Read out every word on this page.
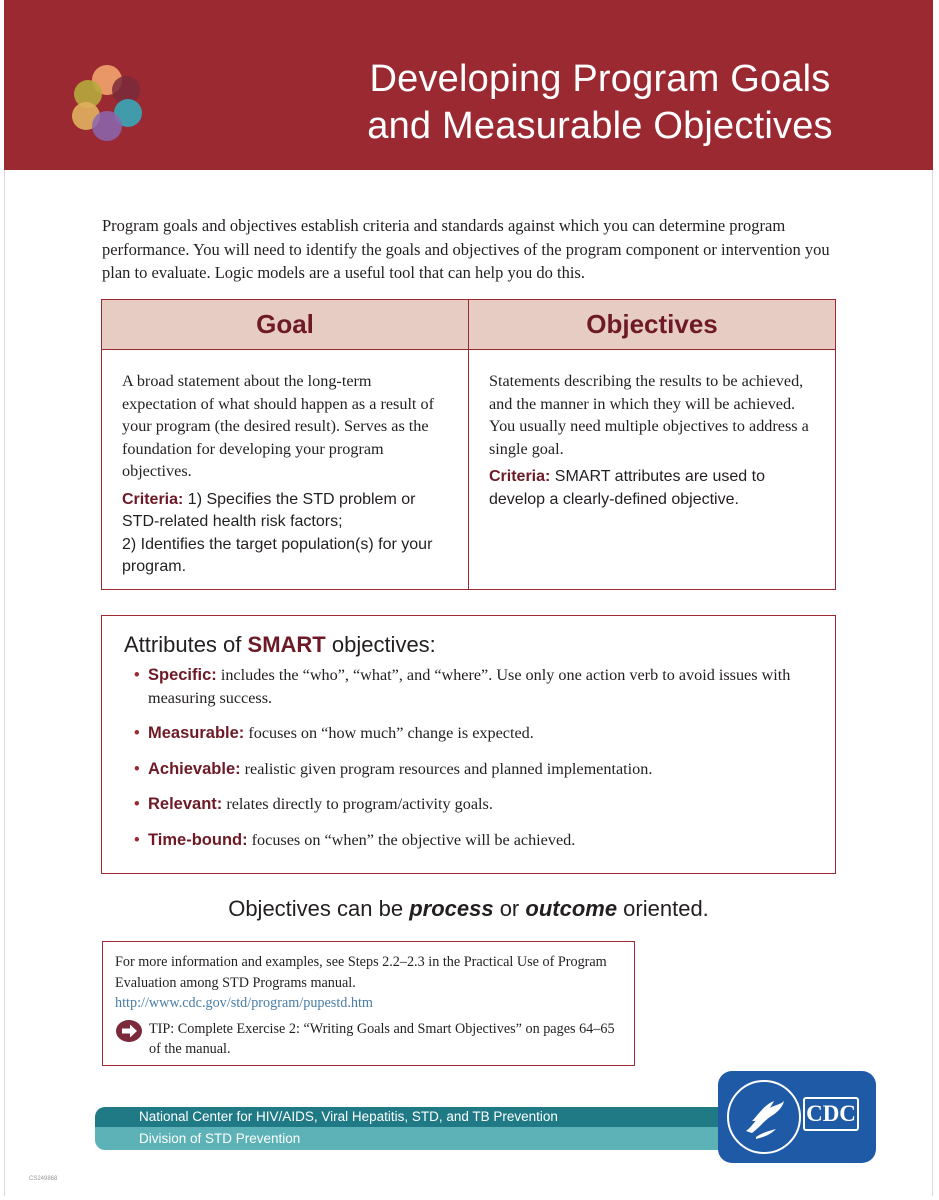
Developing Program Goals
and Measurable Objectives
Program goals and objectives establish criteria and standards against which you can determine program performance. You will need to identify the goals and objectives of the program component or intervention you plan to evaluate. Logic models are a useful tool that can help you do this.
Goal	Objectives

A broad statement about the long-term expectation of what should happen as a result of your program (the desired result). Serves as the foundation for developing your program objectives.

Criteria: 1) Specifies the STD problem or STD-related health risk factors;
2) Identifies the target population(s) for your program.

Statements describing the results to be achieved, and the manner in which they will be achieved. You usually need multiple objectives to address a single goal.

Criteria: SMART attributes are used to develop a clearly-defined objective.
Attributes of SMART objectives:
• Specific: includes the “who”, “what”, and “where”. Use only one action verb to avoid issues with measuring success.
• Measurable: focuses on “how much” change is expected.
• Achievable: realistic given program resources and planned implementation.
• Relevant: relates directly to program/activity goals.
• Time-bound: focuses on “when” the objective will be achieved.
Objectives can be process or outcome oriented.
For more information and examples, see Steps 2.2–2.3 in the Practical Use of Program Evaluation among STD Programs manual.
http://www.cdc.gov/std/program/pupestd.htm
TIP: Complete Exercise 2: “Writing Goals and Smart Objectives” on pages 64–65 of the manual.
National Center for HIV/AIDS, Viral Hepatitis, STD, and TB Prevention
Division of STD Prevention
CDC
CS249868
